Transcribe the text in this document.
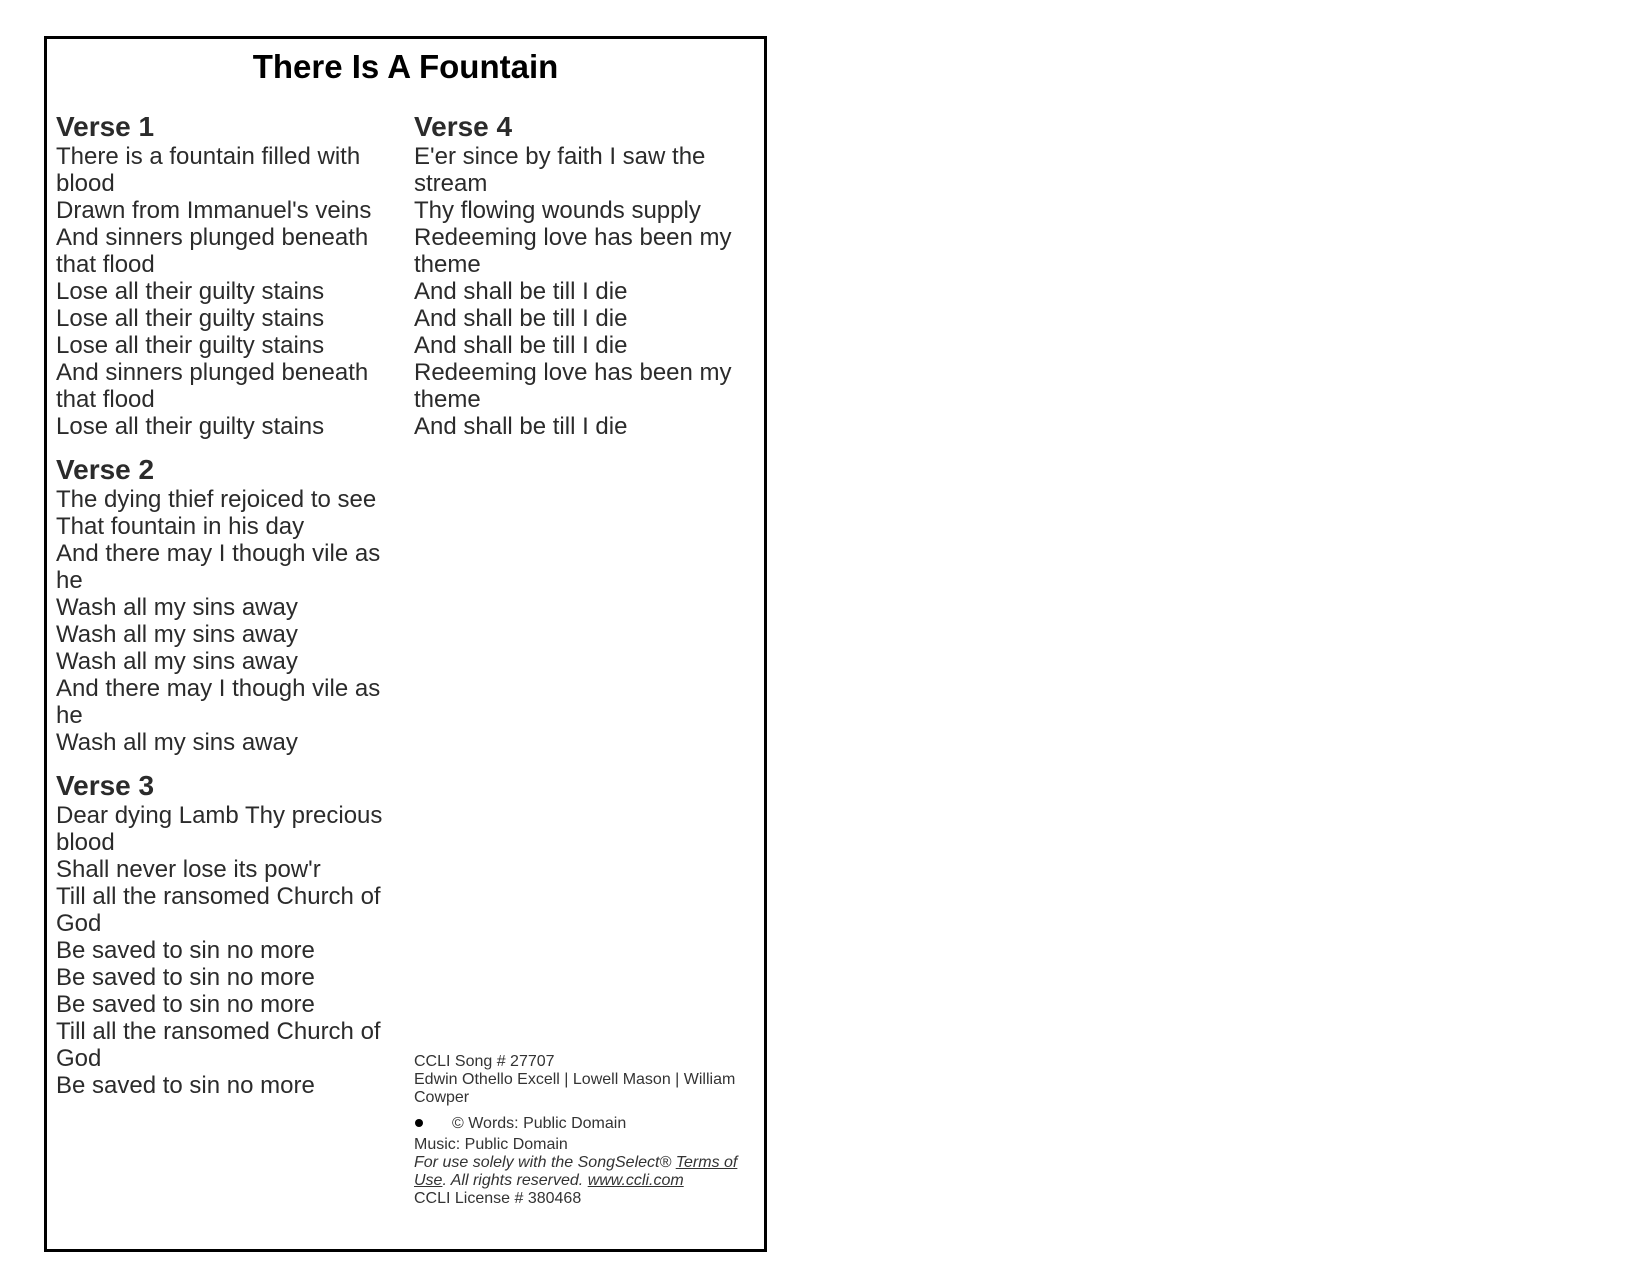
There Is A Fountain

Verse 1

There is a fountain filled with blood

Drawn from Immanuel's veins

And sinners plunged beneath that flood

Lose all their guilty stains

Lose all their guilty stains

Lose all their guilty stains

And sinners plunged beneath that flood

Lose all their guilty stains

Verse 2

The dying thief rejoiced to see

That fountain in his day

And there may I though vile as he

Wash all my sins away

Wash all my sins away

Wash all my sins away

And there may I though vile as he

Wash all my sins away

Verse 3

Dear dying Lamb Thy precious blood

Shall never lose its pow'r

Till all the ransomed Church of God

Be saved to sin no more

Be saved to sin no more

Be saved to sin no more

Till all the ransomed Church of God

Be saved to sin no more

Verse 4

E'er since by faith I saw the stream

Thy flowing wounds supply

Redeeming love has been my theme

And shall be till I die

And shall be till I die

And shall be till I die

Redeeming love has been my theme

And shall be till I die

CCLI Song # 27707

Edwin Othello Excell | Lowell Mason | William Cowper

© Words: Public Domain

Music: Public Domain

For use solely with the SongSelect® Terms of Use. All rights reserved. www.ccli.com

CCLI License # 380468
